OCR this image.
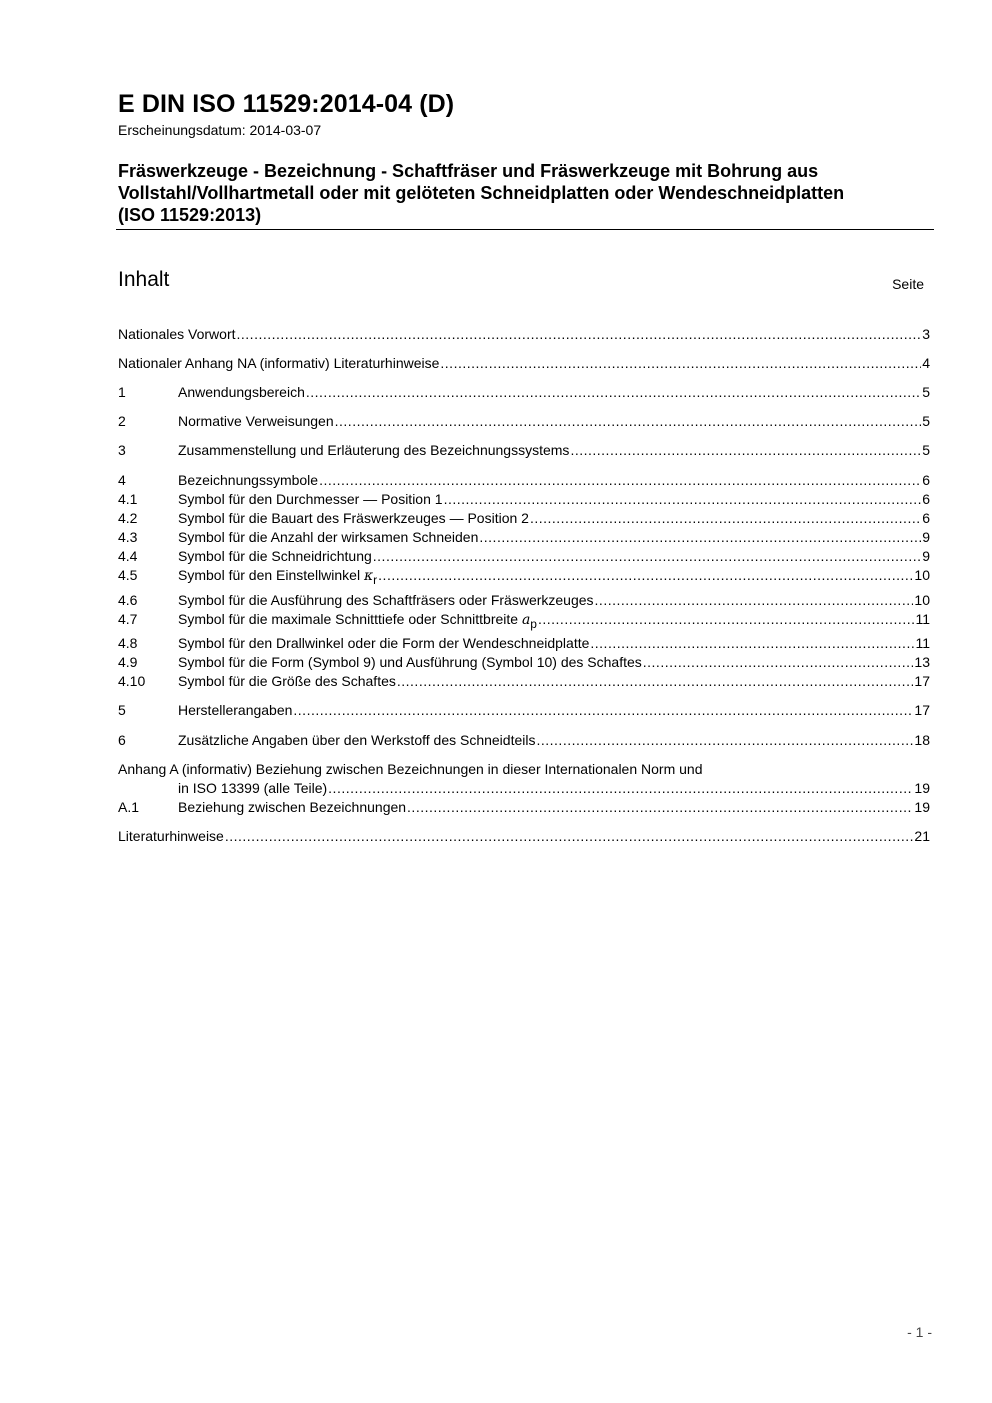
E DIN ISO 11529:2014-04 (D)
Erscheinungsdatum: 2014-03-07
Fräswerkzeuge - Bezeichnung - Schaftfräser und Fräswerkzeuge mit Bohrung aus
Vollstahl/Vollhartmetall oder mit gelöteten Schneidplatten oder Wendeschneidplatten
(ISO 11529:2013)
Inhalt	Seite
Nationales Vorwort .....	3
Nationaler Anhang NA (informativ) Literaturhinweise .....	4
1	Anwendungsbereich .....	5
2	Normative Verweisungen .....	5
3	Zusammenstellung und Erläuterung des Bezeichnungssystems .....	5
4	Bezeichnungssymbole .....	6
4.1	Symbol für den Durchmesser — Position 1 .....	6
4.2	Symbol für die Bauart des Fräswerkzeuges — Position 2 .....	6
4.3	Symbol für die Anzahl der wirksamen Schneiden .....	9
4.4	Symbol für die Schneidrichtung .....	9
4.5	Symbol für den Einstellwinkel κr .....	10
4.6	Symbol für die Ausführung des Schaftfräsers oder Fräswerkzeuges .....	10
4.7	Symbol für die maximale Schnitttiefe oder Schnittbreite ap .....	11
4.8	Symbol für den Drallwinkel oder die Form der Wendeschneidplatte .....	11
4.9	Symbol für die Form (Symbol 9) und Ausführung (Symbol 10) des Schaftes .....	13
4.10	Symbol für die Größe des Schaftes .....	17
5	Herstellerangaben .....	17
6	Zusätzliche Angaben über den Werkstoff des Schneidteils .....	18
Anhang A (informativ) Beziehung zwischen Bezeichnungen in dieser Internationalen Norm und
in ISO 13399 (alle Teile) .....	19
A.1	Beziehung zwischen Bezeichnungen .....	19
Literaturhinweise .....	21
- 1 -
